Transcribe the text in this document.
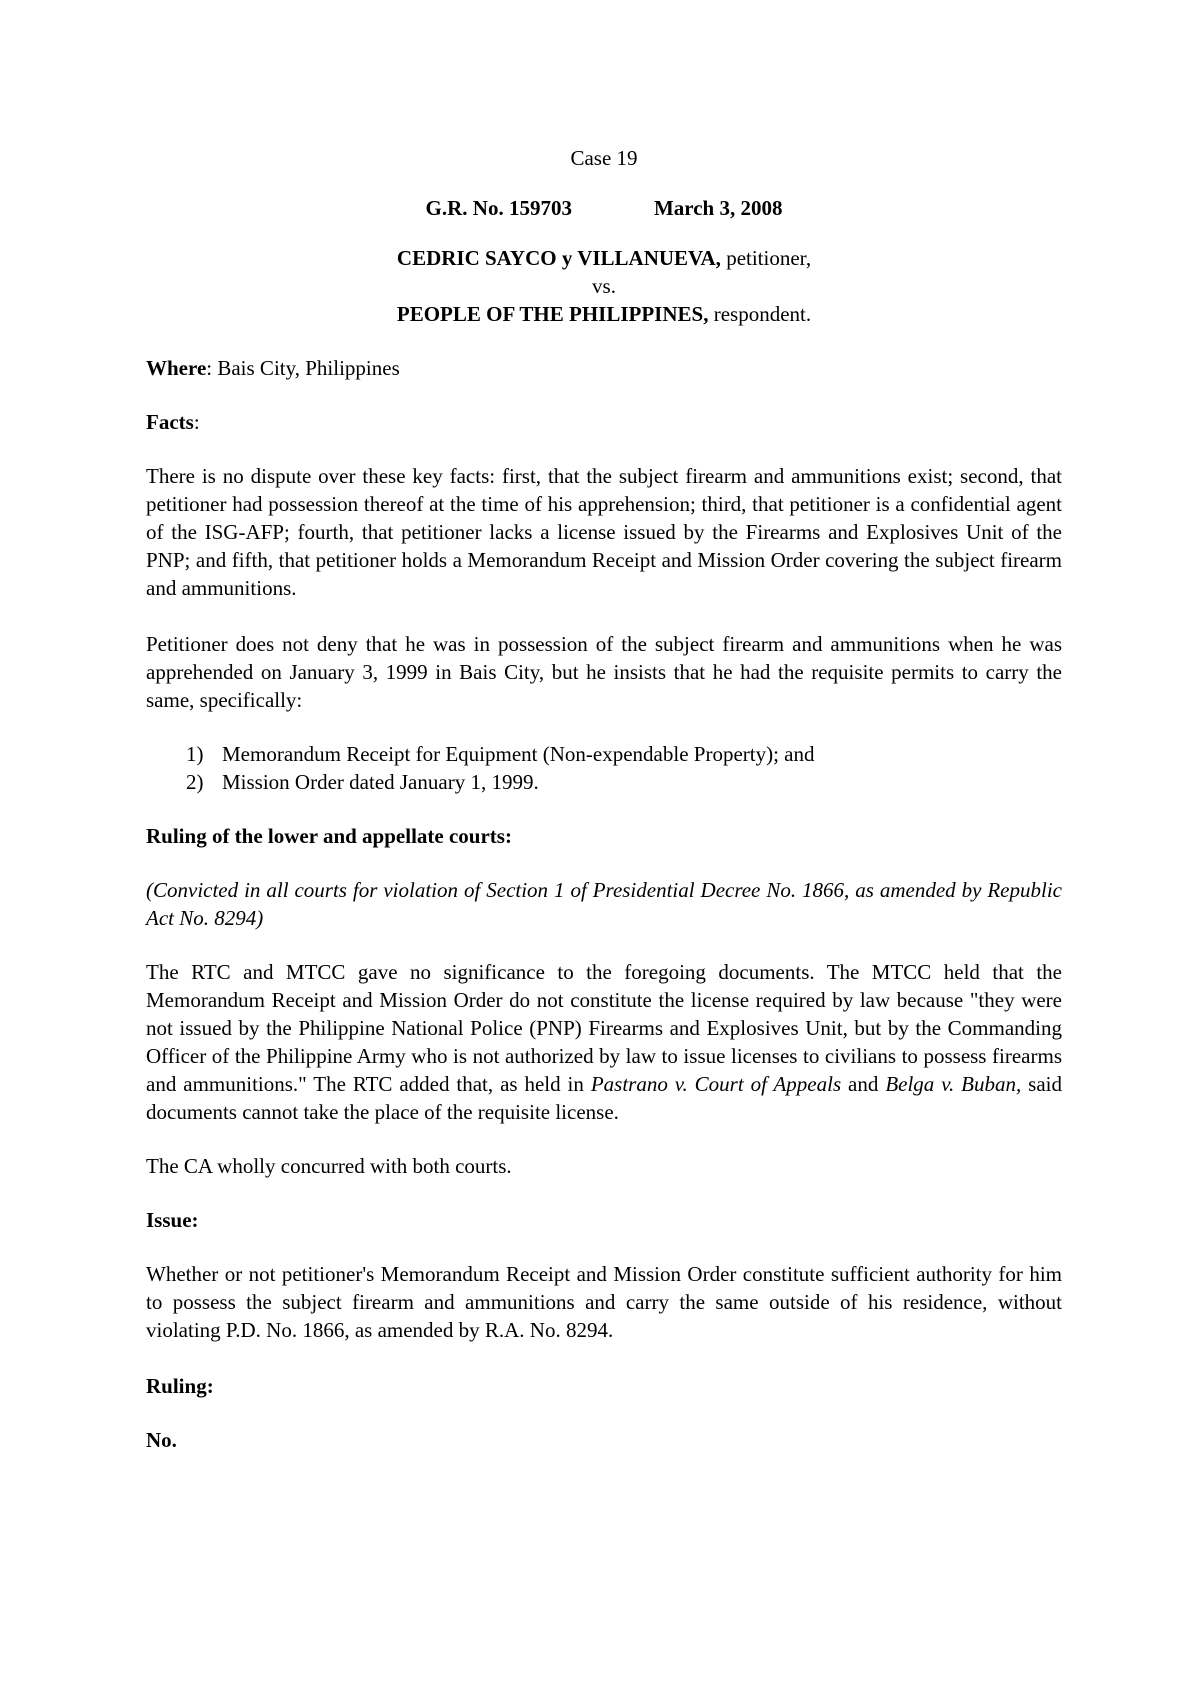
Case 19

G.R. No. 159703	March 3, 2008

CEDRIC SAYCO y VILLANUEVA, petitioner,

vs.

PEOPLE OF THE PHILIPPINES, respondent.

Where: Bais City, Philippines

Facts:

There is no dispute over these key facts: first, that the subject firearm and ammunitions exist; second, that petitioner had possession thereof at the time of his apprehension; third, that petitioner is a confidential agent of the ISG-AFP; fourth, that petitioner lacks a license issued by the Firearms and Explosives Unit of the PNP; and fifth, that petitioner holds a Memorandum Receipt and Mission Order covering the subject firearm and ammunitions.

Petitioner does not deny that he was in possession of the subject firearm and ammunitions when he was apprehended on January 3, 1999 in Bais City, but he insists that he had the requisite permits to carry the same, specifically:

1) Memorandum Receipt for Equipment (Non-expendable Property); and
2) Mission Order dated January 1, 1999.

Ruling of the lower and appellate courts:

(Convicted in all courts for violation of Section 1 of Presidential Decree No. 1866, as amended by Republic Act No. 8294)

The RTC and MTCC gave no significance to the foregoing documents. The MTCC held that the Memorandum Receipt and Mission Order do not constitute the license required by law because "they were not issued by the Philippine National Police (PNP) Firearms and Explosives Unit, but by the Commanding Officer of the Philippine Army who is not authorized by law to issue licenses to civilians to possess firearms and ammunitions." The RTC added that, as held in Pastrano v. Court of Appeals and Belga v. Buban, said documents cannot take the place of the requisite license.

The CA wholly concurred with both courts.

Issue:

Whether or not petitioner's Memorandum Receipt and Mission Order constitute sufficient authority for him to possess the subject firearm and ammunitions and carry the same outside of his residence, without violating P.D. No. 1866, as amended by R.A. No. 8294.

Ruling:

No.
